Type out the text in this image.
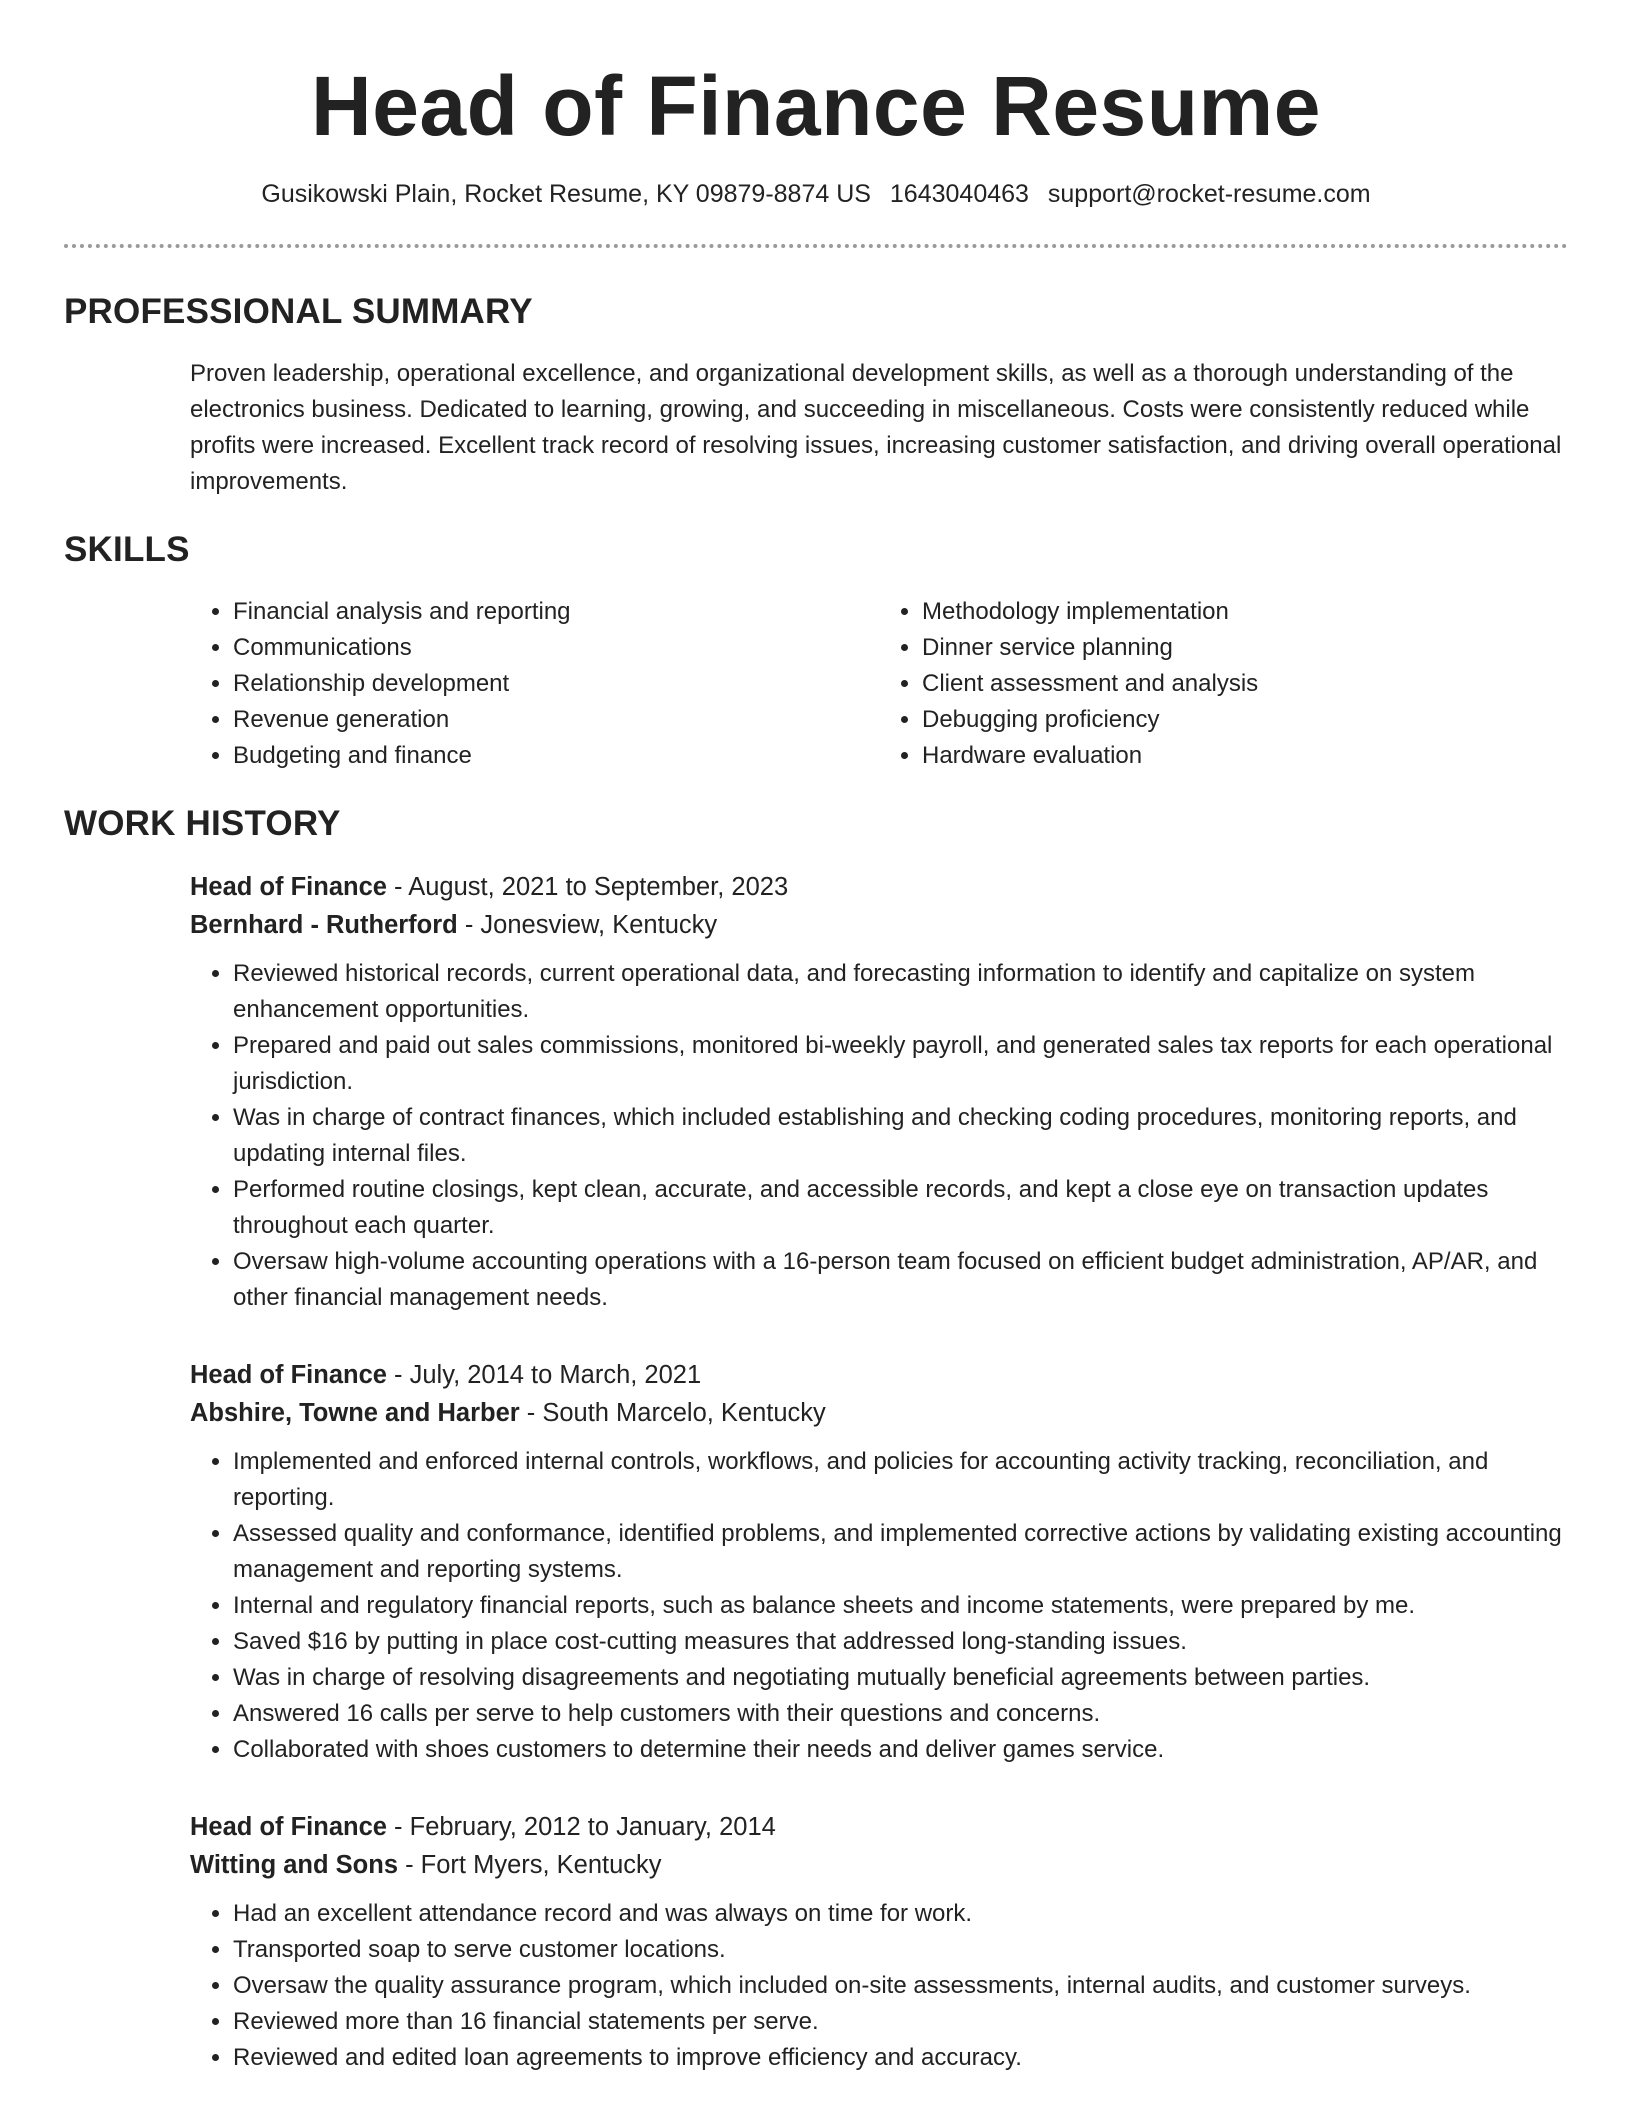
Head of Finance Resume
Gusikowski Plain, Rocket Resume, KY 09879-8874 US 1643040463 support@rocket-resume.com
PROFESSIONAL SUMMARY

Proven leadership, operational excellence, and organizational development skills, as well as a thorough understanding of the electronics business. Dedicated to learning, growing, and succeeding in miscellaneous. Costs were consistently reduced while profits were increased. Excellent track record of resolving issues, increasing customer satisfaction, and driving overall operational improvements.

SKILLS
• Financial analysis and reporting
• Communications
• Relationship development
• Revenue generation
• Budgeting and finance
• Methodology implementation
• Dinner service planning
• Client assessment and analysis
• Debugging proficiency
• Hardware evaluation
WORK HISTORY
Head of Finance - August, 2021 to September, 2023
Bernhard - Rutherford - Jonesview, Kentucky
• Reviewed historical records, current operational data, and forecasting information to identify and capitalize on system enhancement opportunities.
• Prepared and paid out sales commissions, monitored bi-weekly payroll, and generated sales tax reports for each operational jurisdiction.
• Was in charge of contract finances, which included establishing and checking coding procedures, monitoring reports, and updating internal files.
• Performed routine closings, kept clean, accurate, and accessible records, and kept a close eye on transaction updates throughout each quarter.
• Oversaw high-volume accounting operations with a 16-person team focused on efficient budget administration, AP/AR, and other financial management needs.
Head of Finance - July, 2014 to March, 2021
Abshire, Towne and Harber - South Marcelo, Kentucky
• Implemented and enforced internal controls, workflows, and policies for accounting activity tracking, reconciliation, and reporting.
• Assessed quality and conformance, identified problems, and implemented corrective actions by validating existing accounting management and reporting systems.
• Internal and regulatory financial reports, such as balance sheets and income statements, were prepared by me.
• Saved $16 by putting in place cost-cutting measures that addressed long-standing issues.
• Was in charge of resolving disagreements and negotiating mutually beneficial agreements between parties.
• Answered 16 calls per serve to help customers with their questions and concerns.
• Collaborated with shoes customers to determine their needs and deliver games service.
Head of Finance - February, 2012 to January, 2014
Witting and Sons - Fort Myers, Kentucky
• Had an excellent attendance record and was always on time for work.
• Transported soap to serve customer locations.
• Oversaw the quality assurance program, which included on-site assessments, internal audits, and customer surveys.
• Reviewed more than 16 financial statements per serve.
• Reviewed and edited loan agreements to improve efficiency and accuracy.
